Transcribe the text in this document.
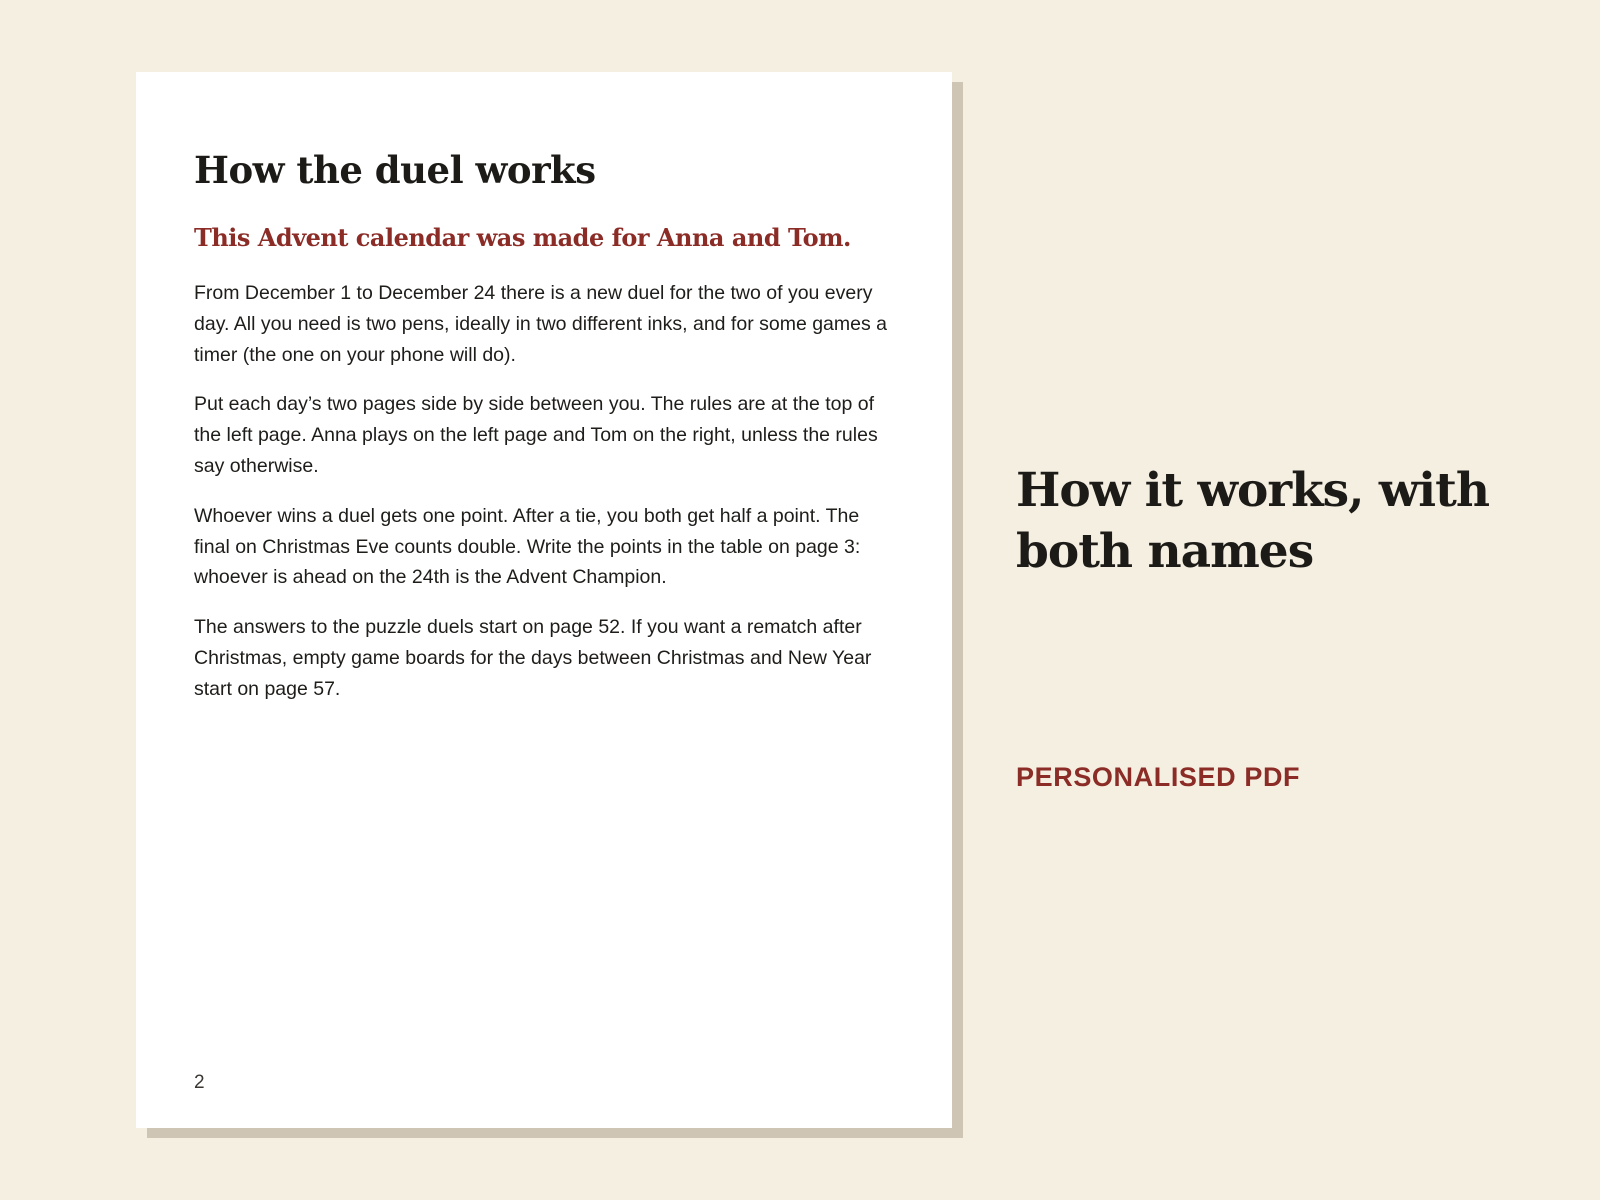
How the duel works
This Advent calendar was made for Anna and Tom.

From December 1 to December 24 there is a new duel for the two of you every day. All you need is two pens, ideally in two different inks, and for some games a timer (the one on your phone will do).

Put each day’s two pages side by side between you. The rules are at the top of the left page. Anna plays on the left page and Tom on the right, unless the rules say otherwise.

Whoever wins a duel gets one point. After a tie, you both get half a point. The final on Christmas Eve counts double. Write the points in the table on page 3: whoever is ahead on the 24th is the Advent Champion.

The answers to the puzzle duels start on page 52. If you want a rematch after Christmas, empty game boards for the days between Christmas and New Year start on page 57.

2
How it works, with both names
PERSONALISED PDF
